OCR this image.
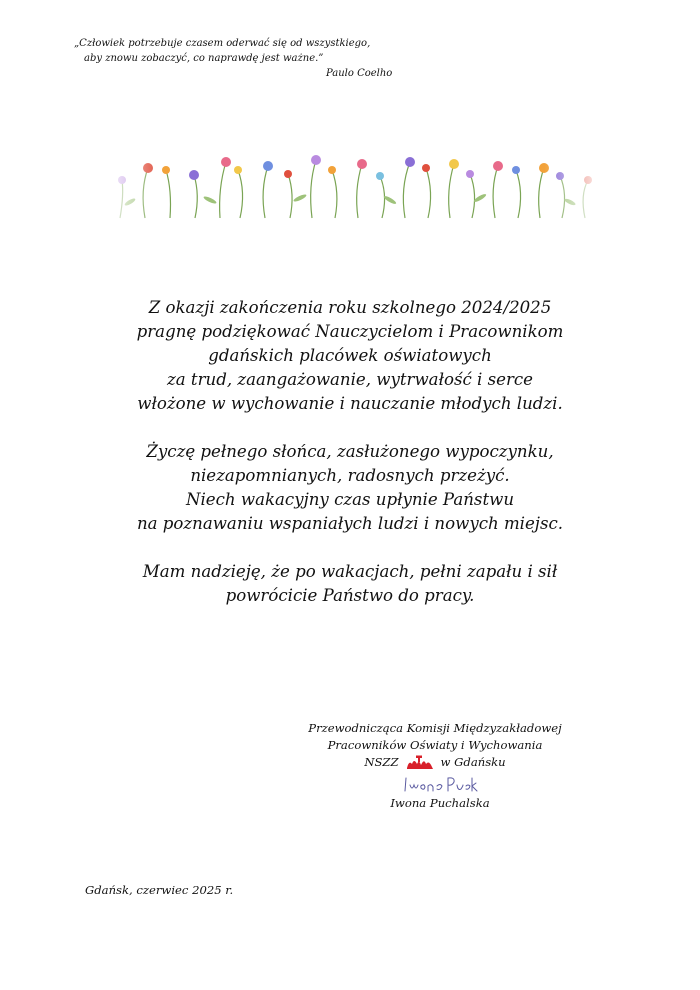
„Człowiek potrzebuje czasem oderwać się od wszystkiego,
aby znowu zobaczyć, co naprawdę jest ważne.”
Paulo Coelho
Z okazji zakończenia roku szkolnego 2024/2025
pragnę podziękować Nauczycielom i Pracownikom
gdańskich placówek oświatowych
za trud, zaangażowanie, wytrwałość i serce
włożone w wychowanie i nauczanie młodych ludzi.
Życzę pełnego słońca, zasłużonego wypoczynku,
niezapomnianych, radosnych przeżyć.
Niech wakacyjny czas upłynie Państwu
na poznawaniu wspaniałych ludzi i nowych miejsc.
Mam nadzieję, że po wakacjach, pełni zapału i sił
powrócicie Państwo do pracy.
Przewodnicząca Komisji Międzyzakładowej
Pracowników Oświaty i Wychowania
NSZZ	w Gdańsku
Iwona Puchalska
Gdańsk, czerwiec 2025 r.
